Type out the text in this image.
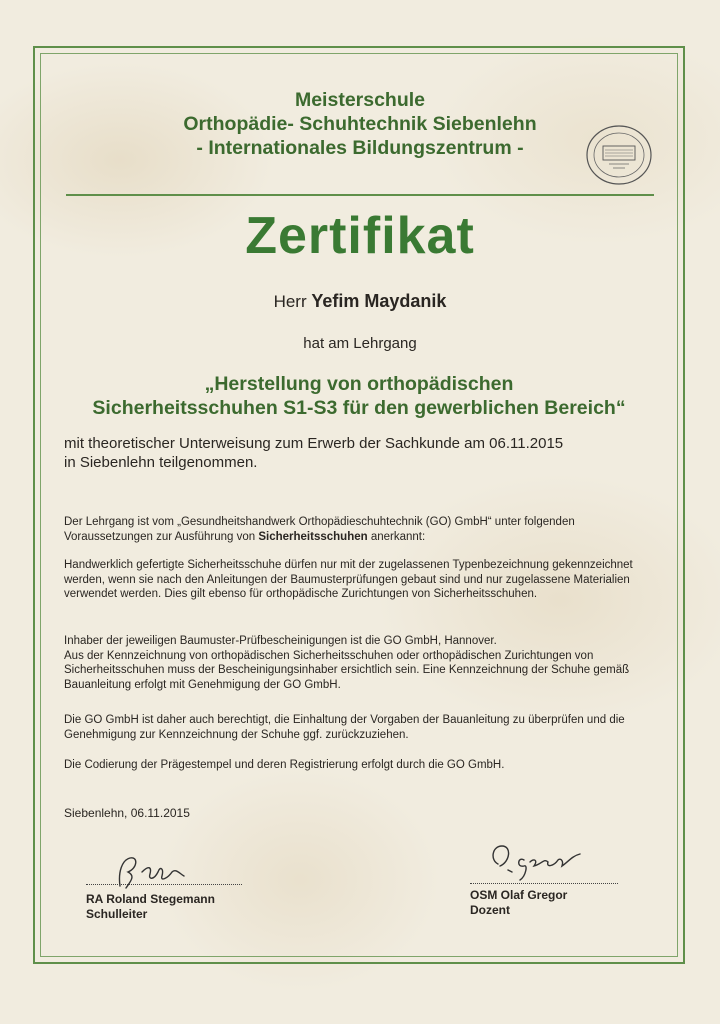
Meisterschule
Orthopädie- Schuhtechnik Siebenlehn
- Internationales Bildungszentrum -
Zertifikat
Herr Yefim Maydanik
hat am Lehrgang
„Herstellung von orthopädischen
Sicherheitsschuhen S1-S3 für den gewerblichen Bereich“
mit theoretischer Unterweisung zum Erwerb der Sachkunde am 06.11.2015
in Siebenlehn teilgenommen.
Der Lehrgang ist vom „Gesundheitshandwerk Orthopädieschuhtechnik (GO) GmbH“ unter folgenden
Voraussetzungen zur Ausführung von Sicherheitsschuhen anerkannt:
Handwerklich gefertigte Sicherheitsschuhe dürfen nur mit der zugelassenen Typenbezeichnung gekennzeichnet werden, wenn sie nach den Anleitungen der Baumusterprüfungen gebaut sind und nur zugelassene Materialien verwendet werden. Dies gilt ebenso für orthopädische Zurichtungen von Sicherheitsschuhen.
Inhaber der jeweiligen Baumuster-Prüfbescheinigungen ist die GO GmbH, Hannover.
Aus der Kennzeichnung von orthopädischen Sicherheitsschuhen oder orthopädischen Zurichtungen von Sicherheitsschuhen muss der Bescheinigungsinhaber ersichtlich sein. Eine Kennzeichnung der Schuhe gemäß Bauanleitung erfolgt mit Genehmigung der GO GmbH.
Die GO GmbH ist daher auch berechtigt, die Einhaltung der Vorgaben der Bauanleitung zu überprüfen und die Genehmigung zur Kennzeichnung der Schuhe ggf. zurückzuziehen.
Die Codierung der Prägestempel und deren Registrierung erfolgt durch die GO GmbH.
Siebenlehn, 06.11.2015
RA Roland Stegemann
Schulleiter
OSM Olaf Gregor
Dozent
